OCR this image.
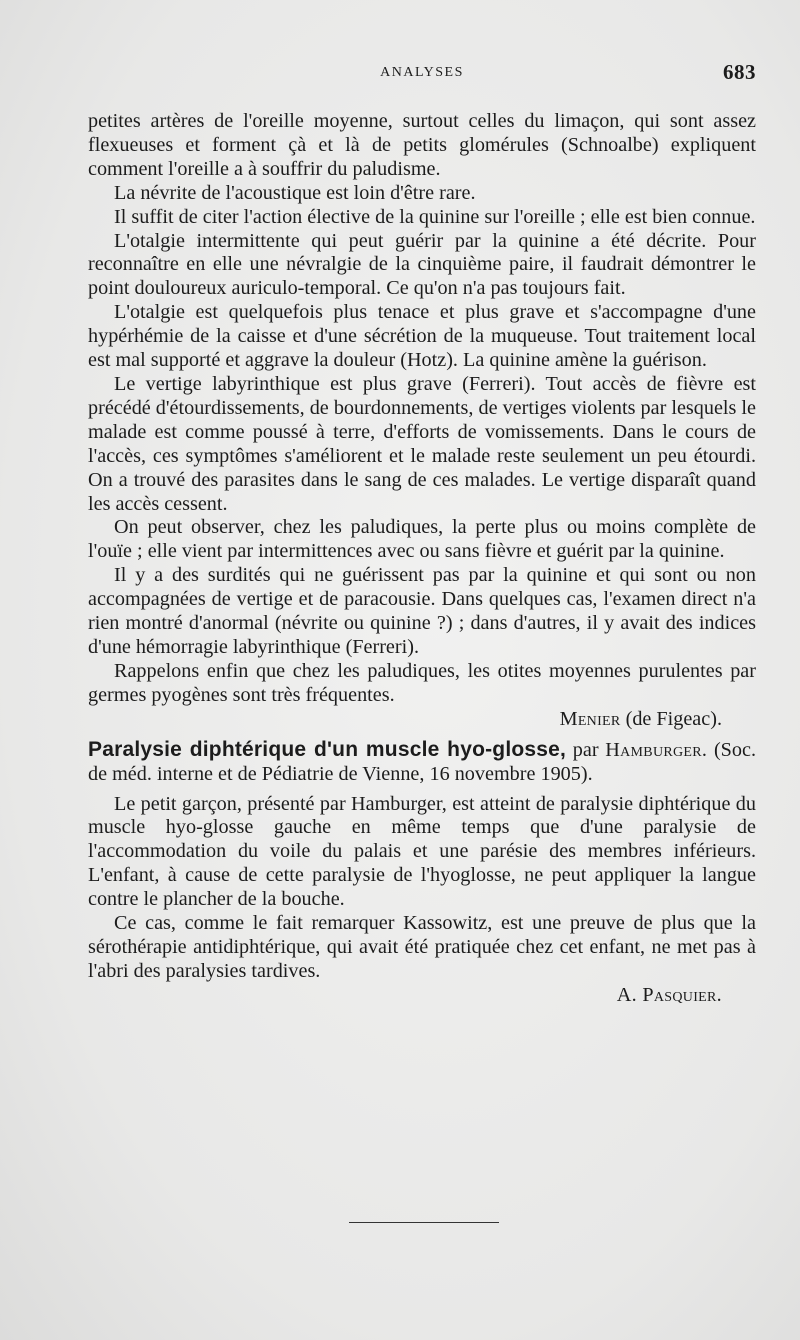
ANALYSES	683

petites artères de l'oreille moyenne, surtout celles du limaçon, qui sont assez flexueuses et forment çà et là de petits glomérules (Schnoalbe) expliquent comment l'oreille a à souffrir du paludisme.

La névrite de l'acoustique est loin d'être rare.

Il suffit de citer l'action élective de la quinine sur l'oreille ; elle est bien connue.

L'otalgie intermittente qui peut guérir par la quinine a été décrite. Pour reconnaître en elle une névralgie de la cinquième paire, il faudrait démontrer le point douloureux auriculo-temporal. Ce qu'on n'a pas toujours fait.

L'otalgie est quelquefois plus tenace et plus grave et s'accompagne d'une hypérhémie de la caisse et d'une sécrétion de la muqueuse. Tout traitement local est mal supporté et aggrave la douleur (Hotz). La quinine amène la guérison.

Le vertige labyrinthique est plus grave (Ferreri). Tout accès de fièvre est précédé d'étourdissements, de bourdonnements, de vertiges violents par lesquels le malade est comme poussé à terre, d'efforts de vomissements. Dans le cours de l'accès, ces symptômes s'améliorent et le malade reste seulement un peu étourdi. On a trouvé des parasites dans le sang de ces malades. Le vertige disparaît quand les accès cessent.

On peut observer, chez les paludiques, la perte plus ou moins complète de l'ouïe ; elle vient par intermittences avec ou sans fièvre et guérit par la quinine.

Il y a des surdités qui ne guérissent pas par la quinine et qui sont ou non accompagnées de vertige et de paracousie. Dans quelques cas, l'examen direct n'a rien montré d'anormal (névrite ou quinine ?) ; dans d'autres, il y avait des indices d'une hémorragie labyrinthique (Ferreri).

Rappelons enfin que chez les paludiques, les otites moyennes purulentes par germes pyogènes sont très fréquentes.

Menier (de Figeac).

Paralysie diphtérique d'un muscle hyo-glosse, par Hamburger. (Soc. de méd. interne et de Pédiatrie de Vienne, 16 novembre 1905).

Le petit garçon, présenté par Hamburger, est atteint de paralysie diphtérique du muscle hyo-glosse gauche en même temps que d'une paralysie de l'accommodation du voile du palais et une parésie des membres inférieurs. L'enfant, à cause de cette paralysie de l'hyoglosse, ne peut appliquer la langue contre le plancher de la bouche.

Ce cas, comme le fait remarquer Kassowitz, est une preuve de plus que la sérothérapie antidiphtérique, qui avait été pratiquée chez cet enfant, ne met pas à l'abri des paralysies tardives.

A. Pasquier.
